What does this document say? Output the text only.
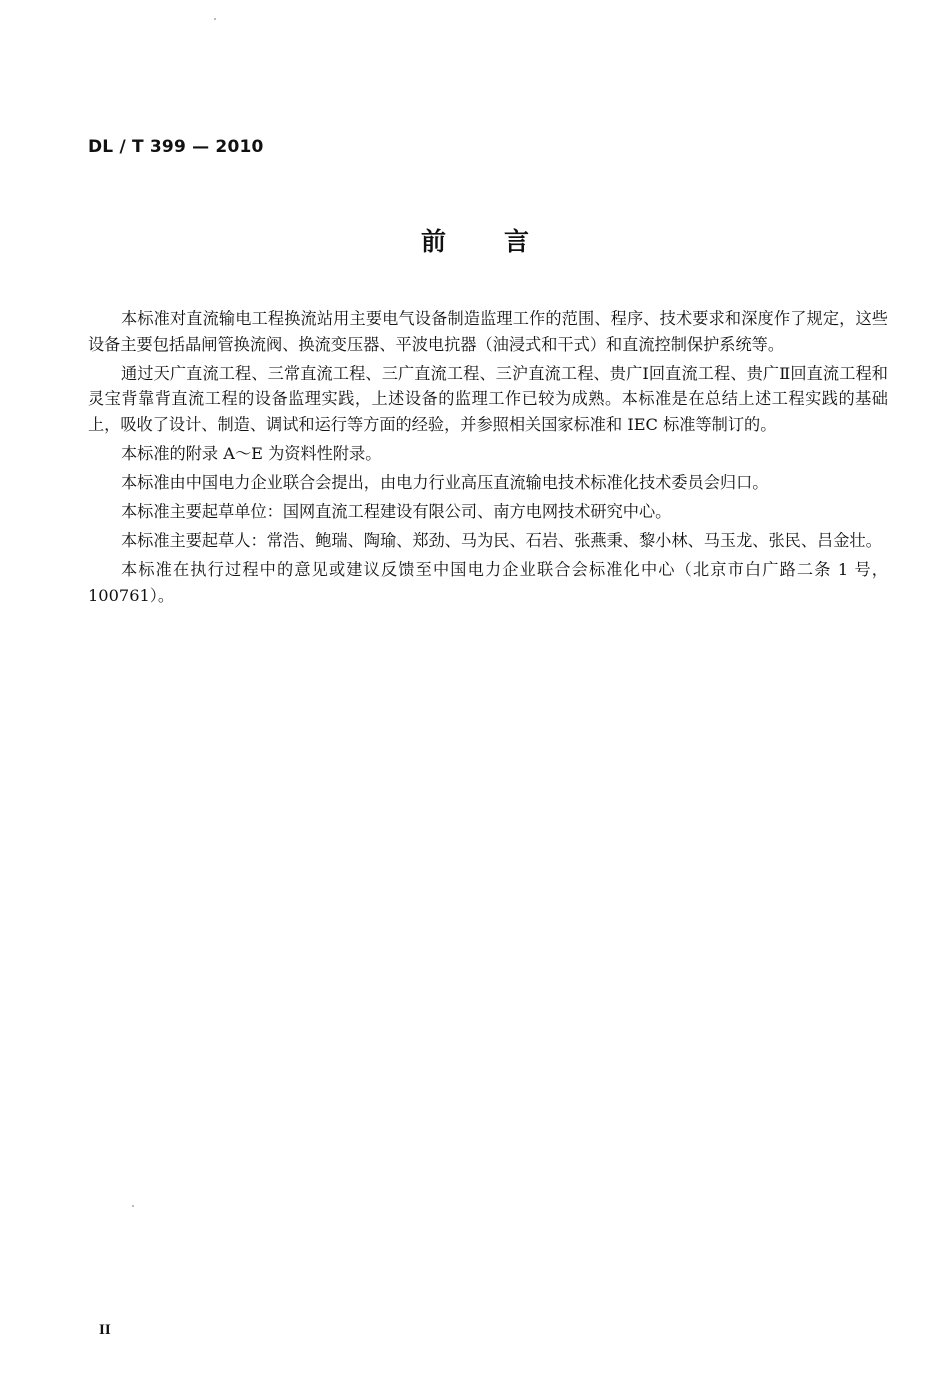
DL / T 399 — 2010
前言

本标准对直流输电工程换流站用主要电气设备制造监理工作的范围、程序、技术要求和深度作了规定，这些设备主要包括晶闸管换流阀、换流变压器、平波电抗器（油浸式和干式）和直流控制保护系统等。

通过天广直流工程、三常直流工程、三广直流工程、三沪直流工程、贵广Ⅰ回直流工程、贵广Ⅱ回直流工程和灵宝背靠背直流工程的设备监理实践，上述设备的监理工作已较为成熟。本标准是在总结上述工程实践的基础上，吸收了设计、制造、调试和运行等方面的经验，并参照相关国家标准和 IEC 标准等制订的。

本标准的附录 A～E 为资料性附录。

本标准由中国电力企业联合会提出，由电力行业高压直流输电技术标准化技术委员会归口。

本标准主要起草单位：国网直流工程建设有限公司、南方电网技术研究中心。

本标准主要起草人：常浩、鲍瑞、陶瑜、郑劲、马为民、石岩、张燕秉、黎小林、马玉龙、张民、吕金壮。

本标准在执行过程中的意见或建议反馈至中国电力企业联合会标准化中心（北京市白广路二条 1 号，100761）。

II
